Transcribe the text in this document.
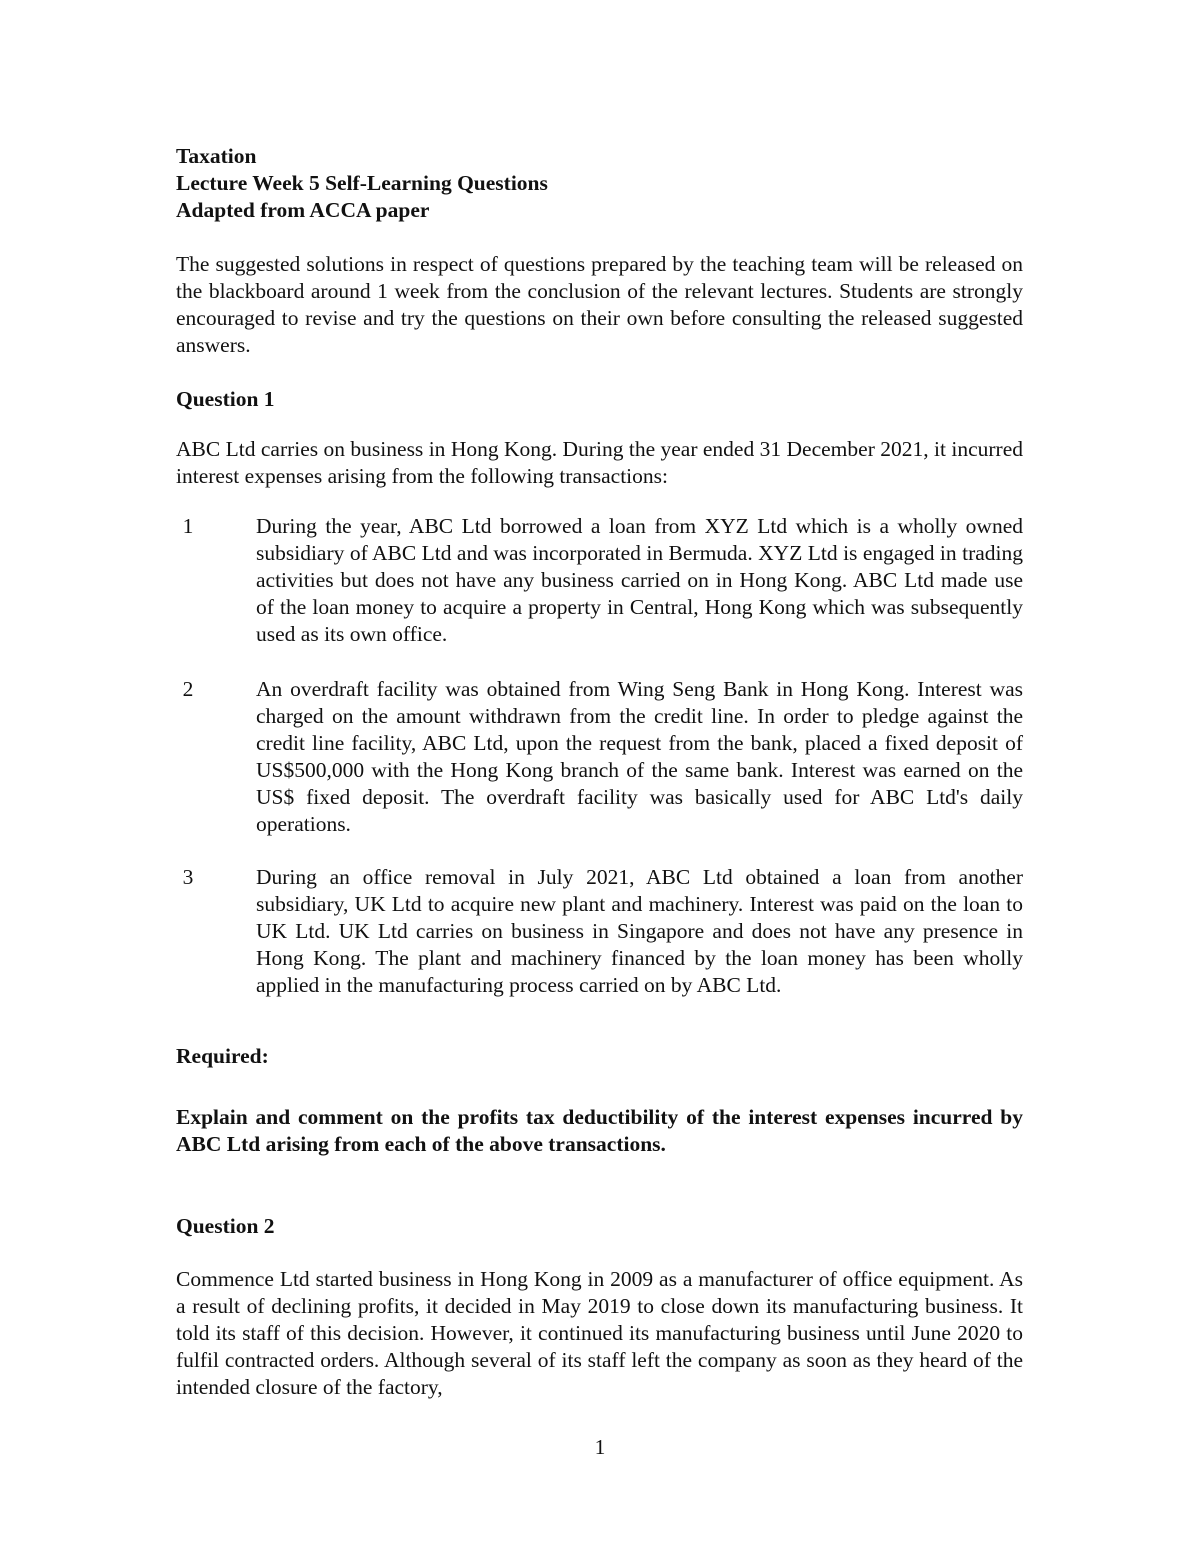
Taxation

Lecture Week 5 Self-Learning Questions

Adapted from ACCA paper

The suggested solutions in respect of questions prepared by the teaching team will be released on the blackboard around 1 week from the conclusion of the relevant lectures. Students are strongly encouraged to revise and try the questions on their own before consulting the released suggested answers.

Question 1

ABC Ltd carries on business in Hong Kong. During the year ended 31 December 2021, it incurred interest expenses arising from the following transactions:

1	During the year, ABC Ltd borrowed a loan from XYZ Ltd which is a wholly owned subsidiary of ABC Ltd and was incorporated in Bermuda. XYZ Ltd is engaged in trading activities but does not have any business carried on in Hong Kong. ABC Ltd made use of the loan money to acquire a property in Central, Hong Kong which was subsequently used as its own office.

2	An overdraft facility was obtained from Wing Seng Bank in Hong Kong. Interest was charged on the amount withdrawn from the credit line. In order to pledge against the credit line facility, ABC Ltd, upon the request from the bank, placed a fixed deposit of US$500,000 with the Hong Kong branch of the same bank. Interest was earned on the US$ fixed deposit. The overdraft facility was basically used for ABC Ltd's daily operations.

3	During an office removal in July 2021, ABC Ltd obtained a loan from another subsidiary, UK Ltd to acquire new plant and machinery. Interest was paid on the loan to UK Ltd. UK Ltd carries on business in Singapore and does not have any presence in Hong Kong. The plant and machinery financed by the loan money has been wholly applied in the manufacturing process carried on by ABC Ltd.

Required:

Explain and comment on the profits tax deductibility of the interest expenses incurred by ABC Ltd arising from each of the above transactions.

Question 2

Commence Ltd started business in Hong Kong in 2009 as a manufacturer of office equipment. As a result of declining profits, it decided in May 2019 to close down its manufacturing business. It told its staff of this decision. However, it continued its manufacturing business until June 2020 to fulfil contracted orders. Although several of its staff left the company as soon as they heard of the intended closure of the factory,

1
